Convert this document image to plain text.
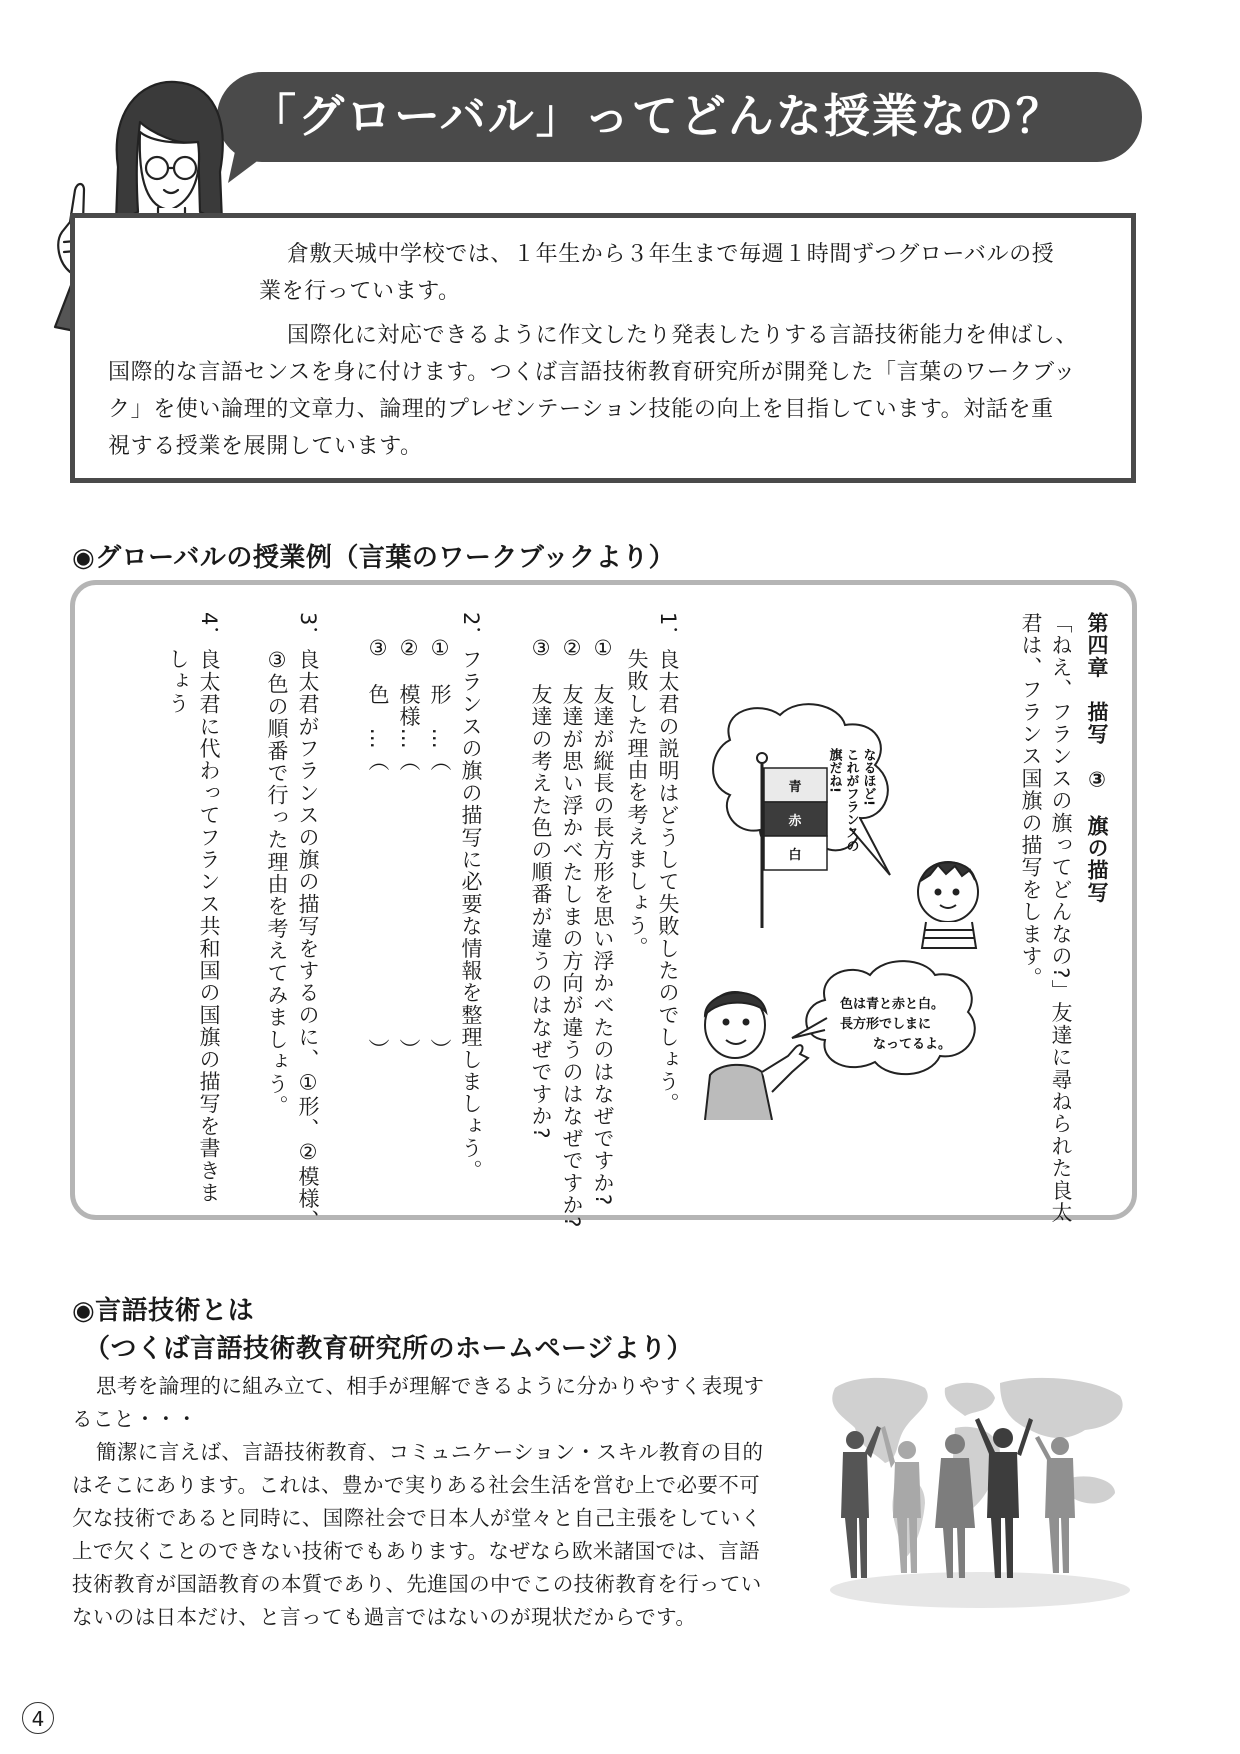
「グローバル」ってどんな授業なの？
倉敷天城中学校では、１年生から３年生まで毎週１時間ずつグローバルの授
業を行っています。
国際化に対応できるように作文したり発表したりする言語技術能力を伸ばし、
国際的な言語センスを身に付けます。つくば言語技術教育研究所が開発した「言葉のワークブッ
ク」を使い論理的文章力、論理的プレゼンテーション技能の向上を目指しています。対話を重
視する授業を展開しています。
◉グローバルの授業例（言葉のワークブックより）
第四章　描写　③　旗の描写
「ねえ、フランスの旗ってどんなの?」友達に尋ねられた良太
君は、フランス国旗の描写をします。
1．良太君の説明はどうして失敗したのでしょう。
失敗した理由を考えましょう。
①　友達が縦長の長方形を思い浮かべたのはなぜですか?
②　友達が思い浮かべたしまの方向が違うのはなぜですか?
③　友達の考えた色の順番が違うのはなぜですか?
2．フランスの旗の描写に必要な情報を整理しましょう。
①　形　…（　　　　　　　　　　　　）
②　模様…（　　　　　　　　　　　　）
③　色　…（　　　　　　　　　　　　）
3．良太君がフランスの旗の描写をするのに、①形、②模様、
③色の順番で行った理由を考えてみましょう。
4．良太君に代わってフランス共和国の国旗の描写を書きま
しょう
青
赤
白
なるほど!
これがフランスの
旗だね!
色は青と赤と白。
長方形でしまに
なってるよ。
◉言語技術とは
（つくば言語技術教育研究所のホームページより）
思考を論理的に組み立て、相手が理解できるように分かりやすく表現す
ること・・・
簡潔に言えば、言語技術教育、コミュニケーション・スキル教育の目的
はそこにあります。これは、豊かで実りある社会生活を営む上で必要不可
欠な技術であると同時に、国際社会で日本人が堂々と自己主張をしていく
上で欠くことのできない技術でもあります。なぜなら欧米諸国では、言語
技術教育が国語教育の本質であり、先進国の中でこの技術教育を行ってい
ないのは日本だけ、と言っても過言ではないのが現状だからです。
4
